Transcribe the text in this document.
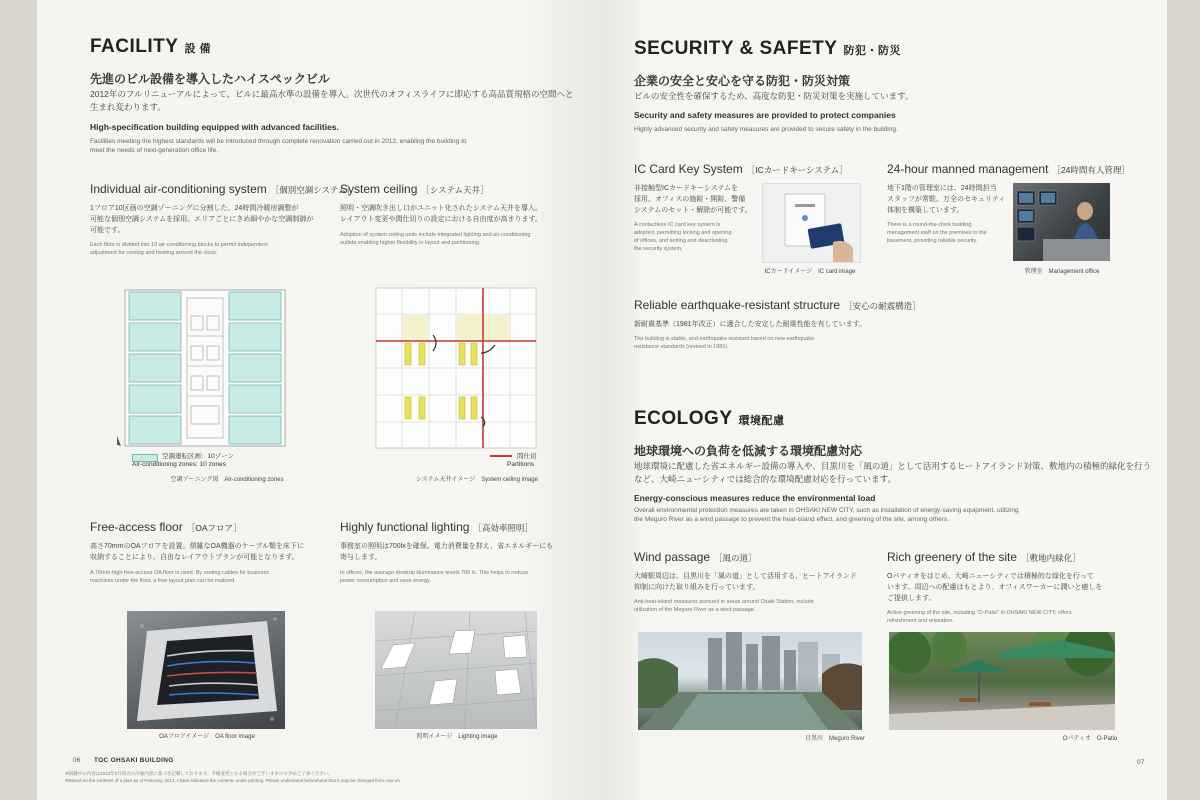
FACILITY 設 備
先進のビル設備を導入したハイスペックビル
2012年のフルリニューアルによって、ビルに最高水準の設備を導入。次世代のオフィスライフに即応する高品質規格の空間へと
生まれ変わります。
High-specification building equipped with advanced facilities.
Facilities meeting the highest standards will be introduced through complete renovation carried out in 2012, enabling the building to
meet the needs of next-generation office life.
Individual air-conditioning system ［個別空調システム］
1フロア10区画の空調ゾーニングに分割した、24時間冷暖房調整が
可能な個別空調システムを採用。エリアごとにきめ細やかな空調制御が
可能です。
Each floor is divided into 10 air-conditioning blocks to permit independent
adjustment for cooling and heating around the clock.
空調運転区画：10ゾーン
Air-conditioning zones: 10 zones
空調ゾーニング図　Air-conditioning zones
System ceiling ［システム天井］
照明・空調吹き出し口がユニット化されたシステム天井を導入。
レイアウト変更や間仕切りの設定における自由度が高まります。
Adoption of system ceiling units include integrated lighting and air-conditioning
outlets enabling higher flexibility in layout and partitioning.
間仕切
Partitions
システム天井イメージ　System ceiling image
Free-access floor ［OAフロア］
高さ70mmのOAフロアを設置。煩雑なOA機器のケーブル類を床下に
収納することにより、自由なレイアウトプランが可能となります。
A 70mm-high free-access OA floor is used. By routing cables for business
machines under the floor, a free layout plan can be realized.
OAフロアイメージ　OA floor image
Highly functional lighting ［高効率照明］
事務室の照明は700lxを確保。電力消費量を抑え、省エネルギーにも
寄与します。
In offices, the average desktop illuminance levels 700 lx. This helps to reduce
power consumption and save energy.
照明イメージ　Lighting image
06 TOC OHSAKI BUILDING
※掲載中の内容は2012年2月時点の計画内容に基づき記載しております。今後変更となる場合がございますので予めご了承ください。
※Based on the contents of a plan as of February, 2012, I have indicated the contents under printing. Please understand beforehand that it may be changed from now on.
SECURITY & SAFETY 防犯・防災
企業の安全と安心を守る防犯・防災対策
ビルの安全性を確保するため、高度な防犯・防災対策を実施しています。
Security and safety measures are provided to protect companies
Highly advanced security and safety measures are provided to secure safety in the building.
IC Card Key System ［ICカードキーシステム］
非接触型ICカードキーシステムを
採用。オフィスの施錠・開錠、警備
システムのセット・解除が可能です。
A contactless IC card key system is
adopted, permitting locking and opening
of offices, and setting and deactivating
the security system.
ICカードイメージ　IC card image
24-hour manned management ［24時間有人管理］
地下1階の管理室には、24時間担当
スタッフが常駐。万全のセキュリティ
体制を構築しています。
There is a round-the-clock building
management staff on the premises in the
basement, providing reliable security.
管理室　Management office
Reliable earthquake-resistant structure ［安心の耐震構造］
新耐震基準（1981年改正）に適合した安定した耐震性能を有しています。
The building is stable, and earthquake resistant based on new earthquake
resistance standards (revised in 1981).
ECOLOGY 環境配慮
地球環境への負荷を低減する環境配慮対応
地球環境に配慮した省エネルギー設備の導入や、目黒川を「風の道」として活用するヒートアイランド対策、敷地内の積極的緑化を行う
など、大崎ニューシティでは総合的な環境配慮対応を行っています。
Energy-conscious measures reduce the environmental load
Overall environmental protection measures are taken in OHSAKI NEW CITY, such as installation of energy-saving equipment, utilizing
the Meguro River as a wind passage to prevent the heat-island effect, and greening of the site, among others.
Wind passage ［風の道］
大崎駅周辺は、目黒川を「風の道」として活用する、ヒートアイランド
抑制に向けた取り組みを行っています。
Anti-heat-island measures pursued in areas around Osaki Station, include
utilization of the Meguro River as a wind passage.
目黒川　Meguro River
Rich greenery of the site ［敷地内緑化］
Oパティオをはじめ、大崎ニューシティでは積極的な緑化を行って
います。周辺への配慮はもとより、オフィスワーカーに潤いと癒しを
ご提供します。
Active greening of the site, including "O-Patio" in OHSAKI NEW CITY, offers
refreshment and relaxation.
Oパティオ　O-Patio
07
